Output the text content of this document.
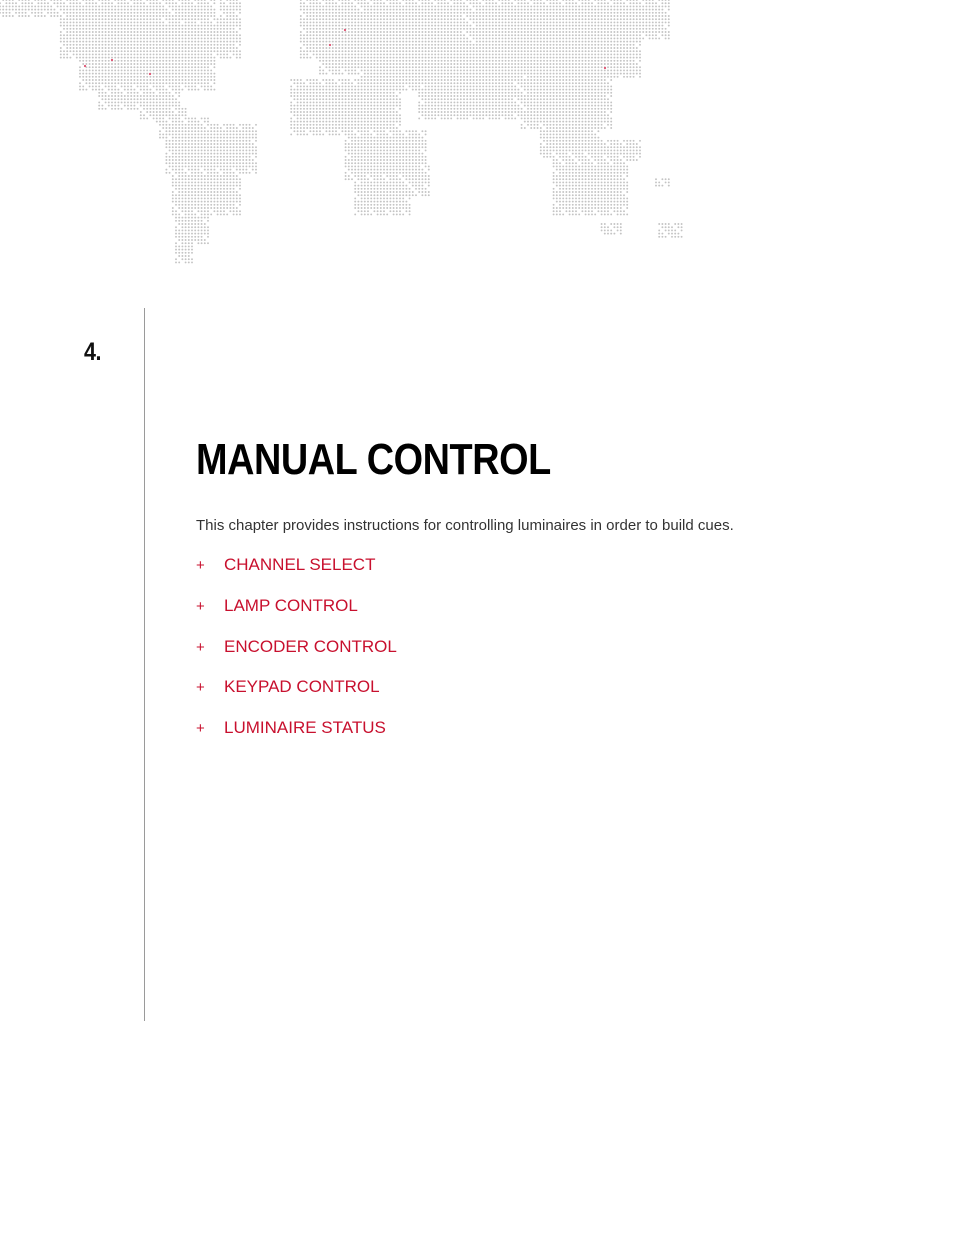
4.
MANUAL CONTROL

This chapter provides instructions for controlling luminaires in order to build cues.

+	CHANNEL SELECT
+	LAMP CONTROL
+	ENCODER CONTROL
+	KEYPAD CONTROL
+	LUMINAIRE STATUS
